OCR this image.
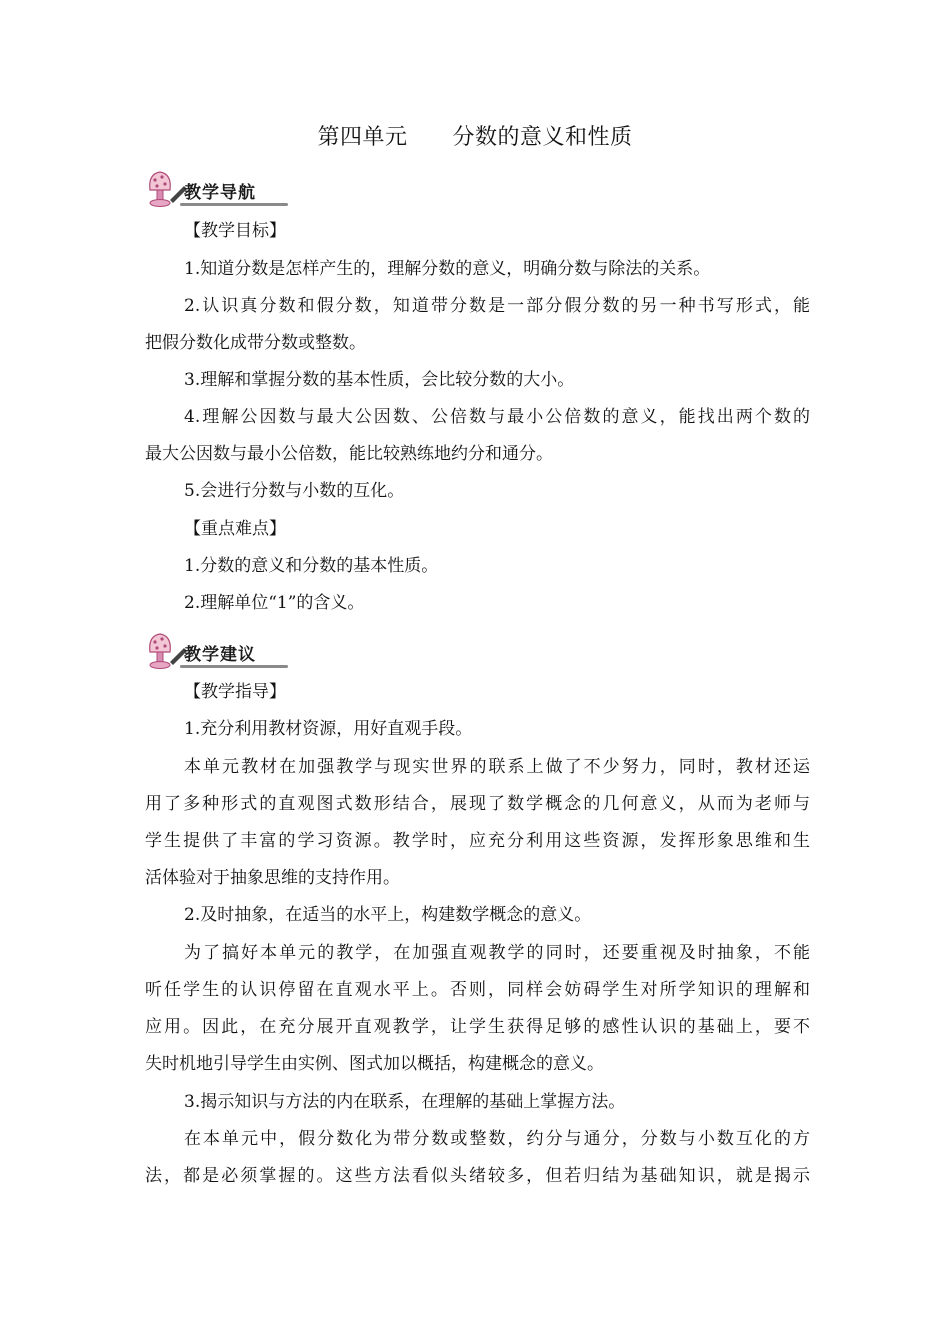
第四单元　　分数的意义和性质
教学导航
【教学目标】
1.知道分数是怎样产生的，理解分数的意义，明确分数与除法的关系。
2.认识真分数和假分数，知道带分数是一部分假分数的另一种书写形式，能
把假分数化成带分数或整数。
3.理解和掌握分数的基本性质，会比较分数的大小。
4.理解公因数与最大公因数、公倍数与最小公倍数的意义，能找出两个数的
最大公因数与最小公倍数，能比较熟练地约分和通分。
5.会进行分数与小数的互化。
【重点难点】
1.分数的意义和分数的基本性质。
2.理解单位“1”的含义。
教学建议
【教学指导】
1.充分利用教材资源，用好直观手段。
本单元教材在加强教学与现实世界的联系上做了不少努力，同时，教材还运
用了多种形式的直观图式数形结合，展现了数学概念的几何意义，从而为老师与
学生提供了丰富的学习资源。教学时，应充分利用这些资源，发挥形象思维和生
活体验对于抽象思维的支持作用。
2.及时抽象，在适当的水平上，构建数学概念的意义。
为了搞好本单元的教学，在加强直观教学的同时，还要重视及时抽象，不能
听任学生的认识停留在直观水平上。否则，同样会妨碍学生对所学知识的理解和
应用。因此，在充分展开直观教学，让学生获得足够的感性认识的基础上，要不
失时机地引导学生由实例、图式加以概括，构建概念的意义。
3.揭示知识与方法的内在联系，在理解的基础上掌握方法。
在本单元中，假分数化为带分数或整数，约分与通分，分数与小数互化的方
法，都是必须掌握的。这些方法看似头绪较多，但若归结为基础知识，就是揭示
